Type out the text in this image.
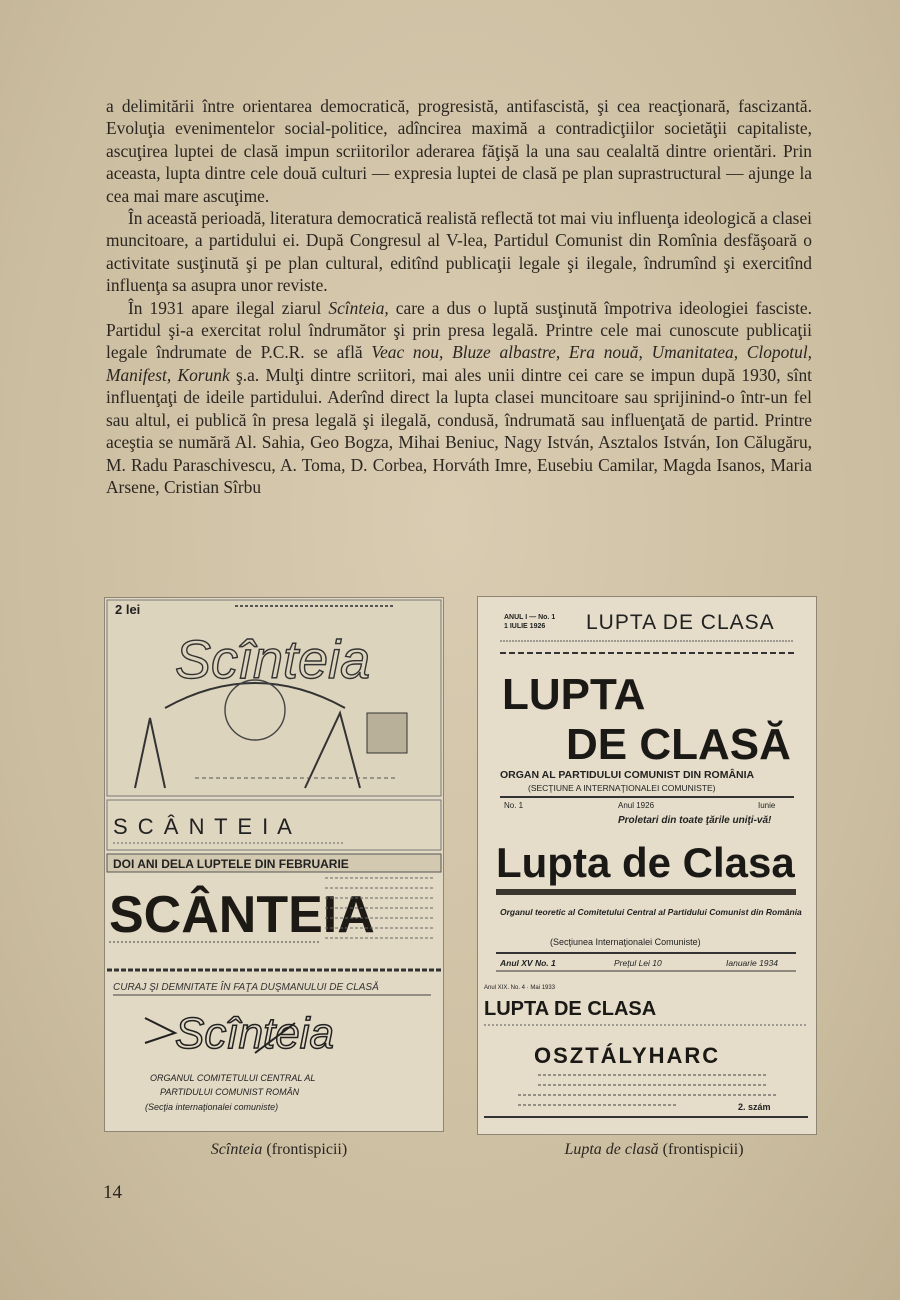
a delimitării între orientarea democratică, progresistă, antifascistă, şi cea reacţionară, fascizantă. Evoluţia evenimentelor social-politice, adîncirea maximă a contradicţiilor societăţii capitaliste, ascuţirea luptei de clasă impun scriitorilor aderarea făţişă la una sau cealaltă dintre orientări. Prin aceasta, lupta dintre cele două culturi — expresia luptei de clasă pe plan suprastructural — ajunge la cea mai mare ascuţime.

În această perioadă, literatura democratică realistă reflectă tot mai viu influenţa ideologică a clasei muncitoare, a partidului ei. După Congresul al V-lea, Partidul Comunist din Romînia desfăşoară o activitate susţinută şi pe plan cultural, editînd publicaţii legale şi ilegale, îndrumînd şi exercitînd influenţa sa asupra unor reviste.

În 1931 apare ilegal ziarul Scînteia, care a dus o luptă susţinută împotriva ideologiei fasciste. Partidul şi-a exercitat rolul îndrumător şi prin presa legală. Printre cele mai cunoscute publicaţii legale îndrumate de P.C.R. se află Veac nou, Bluze albastre, Era nouă, Umanitatea, Clopotul, Manifest, Korunk ş.a. Mulţi dintre scriitori, mai ales unii dintre cei care se impun după 1930, sînt influenţaţi de ideile partidului. Aderînd direct la lupta clasei muncitoare sau sprijinind-o într-un fel sau altul, ei publică în presa legală şi ilegală, condusă, îndrumată sau influenţată de partid. Printre aceştia se numără Al. Sahia, Geo Bogza, Mihai Beniuc, Nagy István, Asztalos István, Ion Călugăru, M. Radu Paraschivescu, A. Toma, D. Corbea, Horváth Imre, Eusebiu Camilar, Magda Isanos, Maria Arsene, Cristian Sîrbu

2 lei
Scînteia
S C Â N T E I A
DOI ANI DELA LUPTELE DIN FEBRUARIE
SCÂNTEIA
CURAJ ŞI DEMNITATE ÎN FAŢA DUŞMANULUI DE CLASĂ
Scînteia
ORGANUL COMITETULUI CENTRAL AL
PARTIDULUI COMUNIST ROMÂN
(Secţia internaţionalei comuniste)
ANUL I — No. 1
1 IULIE 1926 LUPTA DE CLASA
LUPTA
DE CLASĂ
ORGAN AL PARTIDULUI COMUNIST DIN ROMÂNIA
(SECŢIUNE A INTERNAŢIONALEI COMUNISTE)
No. 1	Anul 1926	Iunie
Proletari din toate ţările uniţi-vă!
Lupta de Clasa
Organul teoretic al Comitetului Central al Partidului Comunist din România
(Secţiunea Internaţionalei Comuniste)
Anul XV No. 1	Preţul Lei 10	Ianuarie 1934
Anul XIX. No. 4 · Mai 1933
LUPTA DE CLASA
OSZTÁLYHARC
2. szám
Scînteia (frontispicii)	Lupta de clasă (frontispicii)
14
